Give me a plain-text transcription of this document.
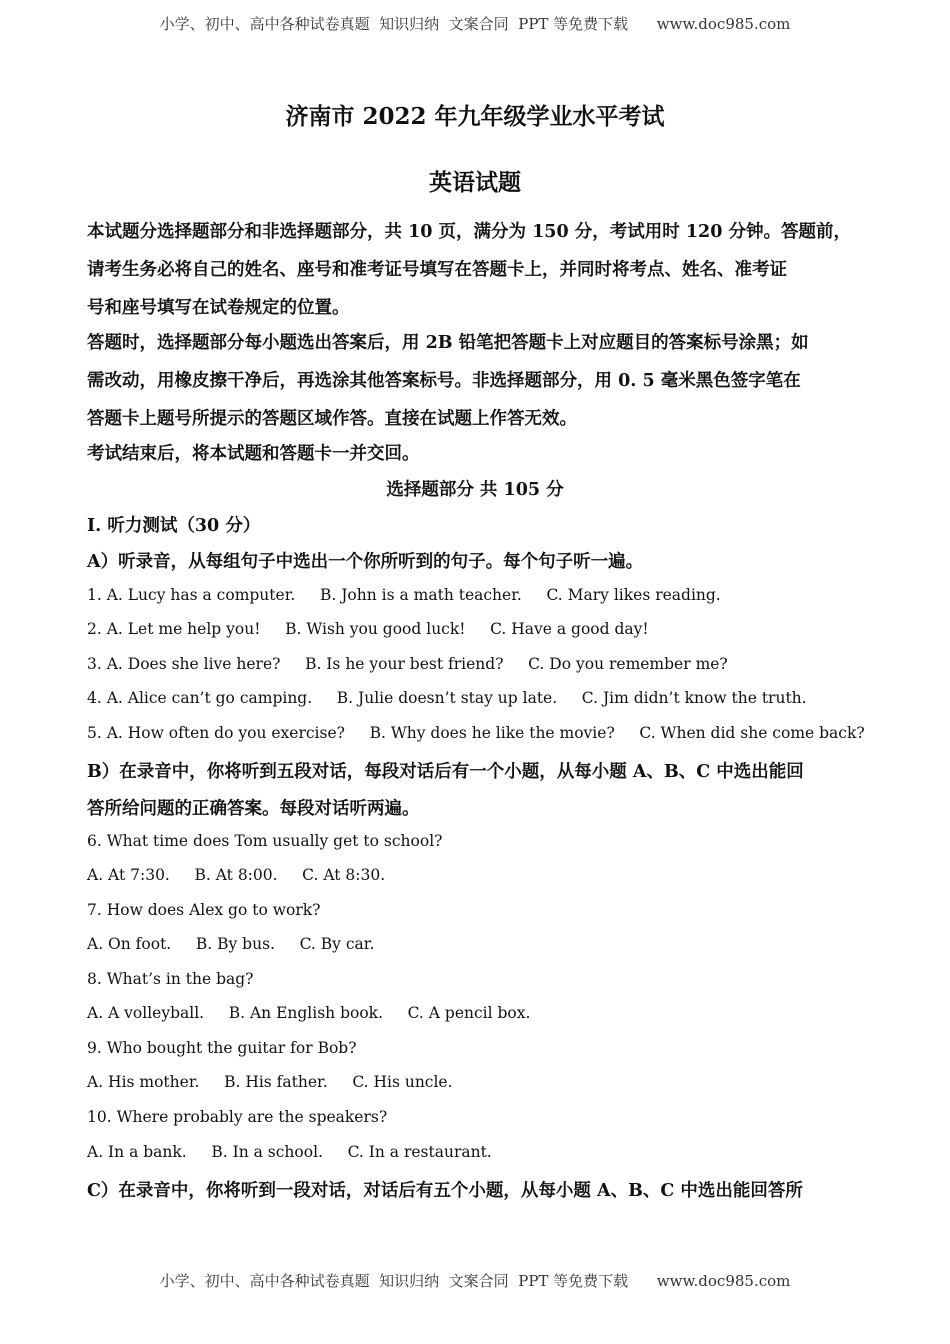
小学、初中、高中各种试卷真题  知识归纳  文案合同  PPT 等免费下载      www.doc985.com
济南市 2022 年九年级学业水平考试
英语试题
本试题分选择题部分和非选择题部分，共 10 页，满分为 150 分，考试用时 120 分钟。答题前，
请考生务必将自己的姓名、座号和准考证号填写在答题卡上，并同时将考点、姓名、准考证
号和座号填写在试卷规定的位置。
答题时，选择题部分每小题选出答案后，用 2B 铅笔把答题卡上对应题目的答案标号涂黑；如
需改动，用橡皮擦干净后，再选涂其他答案标号。非选择题部分，用 0. 5 毫米黑色签字笔在
答题卡上题号所提示的答题区域作答。直接在试题上作答无效。
考试结束后，将本试题和答题卡一并交回。
选择题部分 共 105 分
Ⅰ. 听力测试（30 分）
A）听录音，从每组句子中选出一个你所听到的句子。每个句子听一遍。
1. A. Lucy has a computer.     B. John is a math teacher.     C. Mary likes reading.
2. A. Let me help you!     B. Wish you good luck!     C. Have a good day!
3. A. Does she live here?     B. Is he your best friend?     C. Do you remember me?
4. A. Alice can’t go camping.     B. Julie doesn’t stay up late.     C. Jim didn’t know the truth.
5. A. How often do you exercise?     B. Why does he like the movie?     C. When did she come back?
B）在录音中，你将听到五段对话，每段对话后有一个小题，从每小题 A、B、C 中选出能回
答所给问题的正确答案。每段对话听两遍。
6. What time does Tom usually get to school?
A. At 7:30.     B. At 8:00.     C. At 8:30.
7. How does Alex go to work?
A. On foot.     B. By bus.     C. By car.
8. What’s in the bag?
A. A volleyball.     B. An English book.     C. A pencil box.
9. Who bought the guitar for Bob?
A. His mother.     B. His father.     C. His uncle.
10. Where probably are the speakers?
A. In a bank.     B. In a school.     C. In a restaurant.
C）在录音中，你将听到一段对话，对话后有五个小题，从每小题 A、B、C 中选出能回答所
小学、初中、高中各种试卷真题  知识归纳  文案合同  PPT 等免费下载      www.doc985.com
